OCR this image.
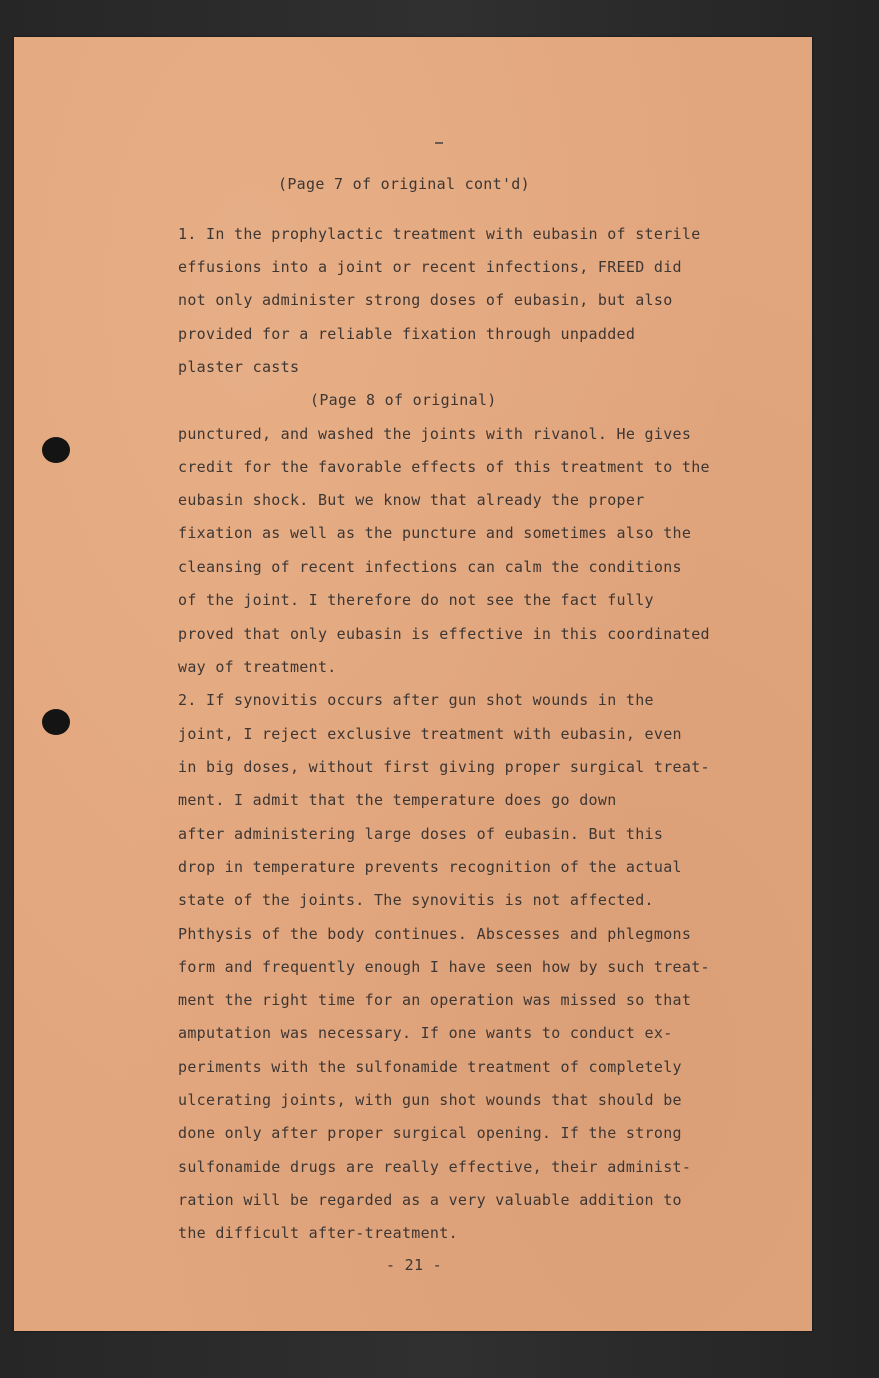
(Page 7 of original cont'd)
1. In the prophylactic treatment with eubasin of sterile
effusions into a joint or recent infections, FREED did
not only administer strong doses of eubasin, but also
provided for a reliable fixation through unpadded
plaster casts
(Page 8 of original)
punctured, and washed the joints with rivanol. He gives
credit for the favorable effects of this treatment to the
eubasin shock. But we know that already the proper
fixation as well as the puncture and sometimes also the
cleansing of recent infections can calm the conditions
of the joint. I therefore do not see the fact fully
proved that only eubasin is effective in this coordinated
way of treatment.
2. If synovitis occurs after gun shot wounds in the
joint, I reject exclusive treatment with eubasin, even
in big doses, without first giving proper surgical treat-
ment. I admit that the temperature does go down
after administering large doses of eubasin. But this
drop in temperature prevents recognition of the actual
state of the joints. The synovitis is not affected.
Phthysis of the body continues. Abscesses and phlegmons
form and frequently enough I have seen how by such treat-
ment the right time for an operation was missed so that
amputation was necessary. If one wants to conduct ex-
periments with the sulfonamide treatment of completely
ulcerating joints, with gun shot wounds that should be
done only after proper surgical opening. If the strong
sulfonamide drugs are really effective, their administ-
ration will be regarded as a very valuable addition to
the difficult after-treatment.
- 21 -
